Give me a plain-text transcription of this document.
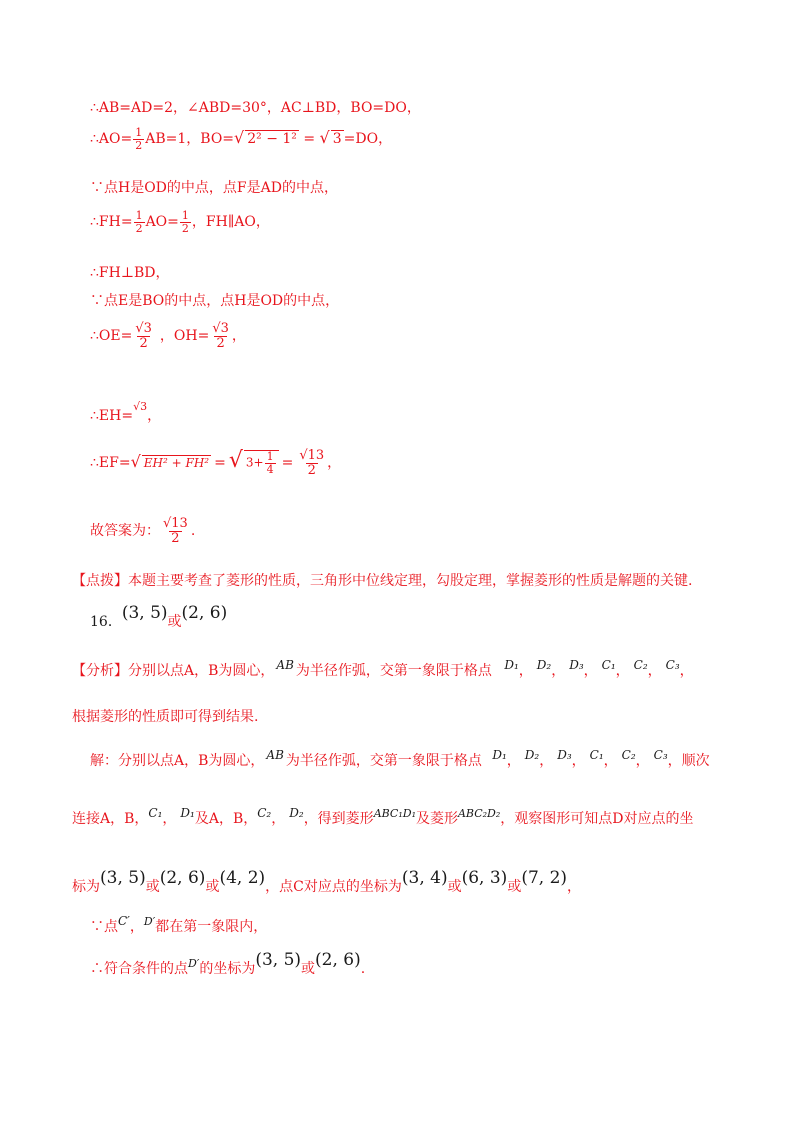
∴AB=AD=2，∠ABD=30°，AC⊥BD，BO=DO，
∴AO= $\frac{1}{2} AB=1$，BO=√ 2² − 1² = √ 3 =DO，
∵点H是OD的中点，点F是AD的中点，
∴FH= $\frac{1}{2} AO= \frac{1}{2}$ ，FH∥AO，
∴FH⊥BD，
∵点E是BO的中点，点H是OD的中点，
∴OE= $\frac{√3}{2}$ ，$OH= \frac{√3}{2}$ ，
∴EH=$^{√3}$，
∴EF=√ EH² + FH² = √ $3+ \frac{1}{4} = \frac{√13}{2}$ ，
故答案为： $\frac{√13}{2}$ .
【点拨】本题主要考查了菱形的性质，三角形中位线定理，勾股定理，掌握菱形的性质是解题的关键.
16．(3, 5)或(2, 6)
【分析】分别以点A，B为圆心， AB 为半径作弧，交第一象限于格点 D₁， D₂， D₃， C₁， C₂， C₃，
根据菱形的性质即可得到结果.
解：分别以点A，B为圆心， AB 为半径作弧，交第一象限于格点 D₁， D₂， D₃， C₁， C₂， C₃，顺次
连接A，B，C₁， D₁及A，B，C₂， D₂，得到菱形$^{ABC_1D_1}$及菱形$^{ABC_2D_2}$，观察图形可知点D对应点的坐
标为(3, 5)或(2, 6)或(4, 2)，点C对应点的坐标为(3, 4)或(6, 3)或(7, 2)，
∵点C′，$^{D'}$都在第一象限内，
∴符合条件的点$^{D'}$的坐标为(3, 5)或(2, 6).
